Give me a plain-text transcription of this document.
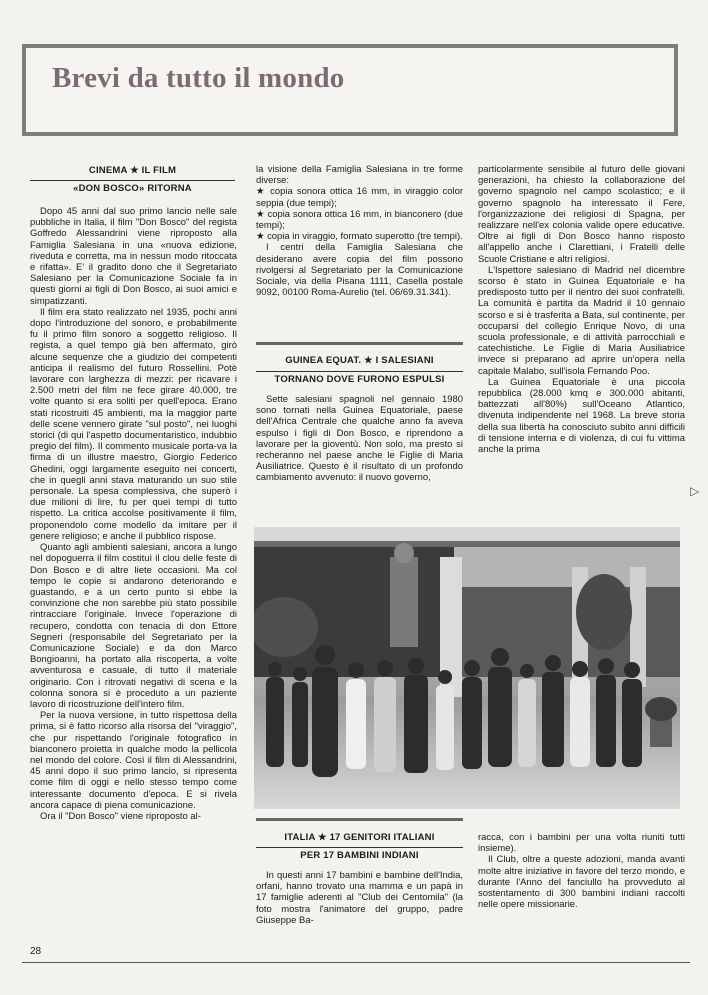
Brevi da tutto il mondo
CINEMA ★ IL FILM
«DON BOSCO» RITORNA

Dopo 45 anni dal suo primo lancio nelle sale pubbliche in Italia, il film "Don Bosco" del regista Goffredo Alessandrini viene riproposto alla Famiglia Salesiana in una «nuova edizione, riveduta e corretta, ma in nessun modo ritoccata e rifatta». E' il gradito dono che il Segretariato Salesiano per la Comunicazione Sociale fa in questi giorni ai figli di Don Bosco, ai suoi amici e simpatizzanti.

Il film era stato realizzato nel 1935, pochi anni dopo l'introduzione del sonoro, e probabilmente fu il primo film sonoro a soggetto religioso. Il regista, a quel tempo già ben affermato, girò alcune sequenze che a giudizio dei competenti anticipa il realismo del futuro Rossellini. Potè lavorare con larghezza di mezzi: per ricavare i 2.500 metri del film ne fece girare 40.000, tre volte quanto si era soliti per quell'epoca. Erano stati ricostruiti 45 ambienti, ma la maggior parte delle scene vennero girate "sul posto", nei luoghi storici (di qui l'aspetto documentaristico, indubbio pregio del film). Il commento musicale porta-va la firma di un illustre maestro, Giorgio Federico Ghedini, oggi largamente eseguito nei concerti, che in quegli anni stava maturando un suo stile personale. La spesa complessiva, che superò i due milioni di lire, fu per quei tempi di tutto rispetto. La critica accolse positivamente il film, proponendolo come modello da imitare per il genere religioso; e anche il pubblico rispose.

Quanto agli ambienti salesiani, ancora a lungo nel dopoguerra il film costituì il clou delle feste di Don Bosco e di altre liete occasioni. Ma col tempo le copie si andarono deteriorando e guastando, e a un certo punto si ebbe la convinzione che non sarebbe più stato possibile rintracciare l'originale. Invece l'operazione di recupero, condotta con tenacia di don Ettore Segneri (responsabile del Segretariato per la Comunicazione Sociale) e da don Marco Bongioanni, ha portato alla riscoperta, a volte avventurosa e casuale, di tutto il materiale originario. Con i ritrovati negativi di scena e la colonna sonora si è proceduto a un paziente lavoro di ricostruzione dell'intero film.

Per la nuova versione, in tutto rispettosa della prima, si è fatto ricorso alla risorsa del "viraggio", che pur rispettando l'originale fotografico in bianconero proietta in qualche modo la pellicola nel mondo del colore. Così il film di Alessandrini, 45 anni dopo il suo primo lancio, si ripresenta come film di oggi e nello stesso tempo come interessante documento d'epoca. E si rivela ancora capace di piena comunicazione.

Ora il "Don Bosco" viene riproposto al-

la visione della Famiglia Salesiana in tre forme diverse:

★ copia sonora ottica 16 mm, in viraggio color seppia (due tempi);

★ copia sonora ottica 16 mm, in bianconero (due tempi);

★ copia in viraggio, formato superotto (tre tempi).

I centri della Famiglia Salesiana che desiderano avere copia del film possono rivolgersi al Segretariato per la Comunicazione Sociale, via della Pisana 1111, Casella postale 9092, 00100 Roma-Aurelio (tel. 06/69.31.341).

GUINEA EQUAT. ★ I SALESIANI
TORNANO DOVE FURONO ESPULSI

Sette salesiani spagnoli nel gennaio 1980 sono tornati nella Guinea Equatoriale, paese dell'Africa Centrale che qualche anno fa aveva espulso i figli di Don Bosco, e riprendono a lavorare per la gioventù. Non solo, ma presto si recheranno nel paese anche le Figlie di Maria Ausiliatrice. Questo è il risultato di un profondo cambiamento avvenuto: il nuovo governo,

particolarmente sensibile al futuro delle giovani generazioni, ha chiesto la collaborazione del governo spagnolo nel campo scolastico; e il governo spagnolo ha interessato il Fere, l'organizzazione dei religiosi di Spagna, per realizzare nell'ex colonia valide opere educative. Oltre ai figli di Don Bosco hanno risposto all'appello anche i Clarettiani, i Fratelli delle Scuole Cristiane e altri religiosi.

L'Ispettore salesiano di Madrid nel dicembre scorso è stato in Guinea Equatoriale e ha predisposto tutto per il rientro dei suoi confratelli. La comunità è partita da Madrid il 10 gennaio scorso e si è trasferita a Bata, sul continente, per occuparsi del collegio Enrique Novo, di una scuola professionale, e di attività parrocchiali e catechistiche. Le Figlie di Maria Ausiliatrice invece si preparano ad aprire un'opera nella capitale Malabo, sull'isola Fernando Poo.

La Guinea Equatoriale è una piccola repubblica (28.000 kmq e 300.000 abitanti, battezzati all'80%) sull'Oceano Atlantico, divenuta indipendente nel 1968. La breve storia della sua libertà ha conosciuto subito anni difficili di tensione interna e di violenza, di cui fu vittima anche la prima

▷
ITALIA ★ 17 GENITORI ITALIANI
PER 17 BAMBINI INDIANI

In questi anni 17 bambini e bambine dell'India, orfani, hanno trovato una mamma e un papà in 17 famiglie aderenti al "Club dei Centomila" (la foto mostra l'animatore del gruppo, padre Giuseppe Ba-

racca, con i bambini per una volta riuniti tutti insieme).

Il Club, oltre a queste adozioni, manda avanti molte altre iniziative in favore del terzo mondo, e durante l'Anno del fanciullo ha provveduto al sostentamento di 300 bambini indiani raccolti nelle opere missionarie.

28
